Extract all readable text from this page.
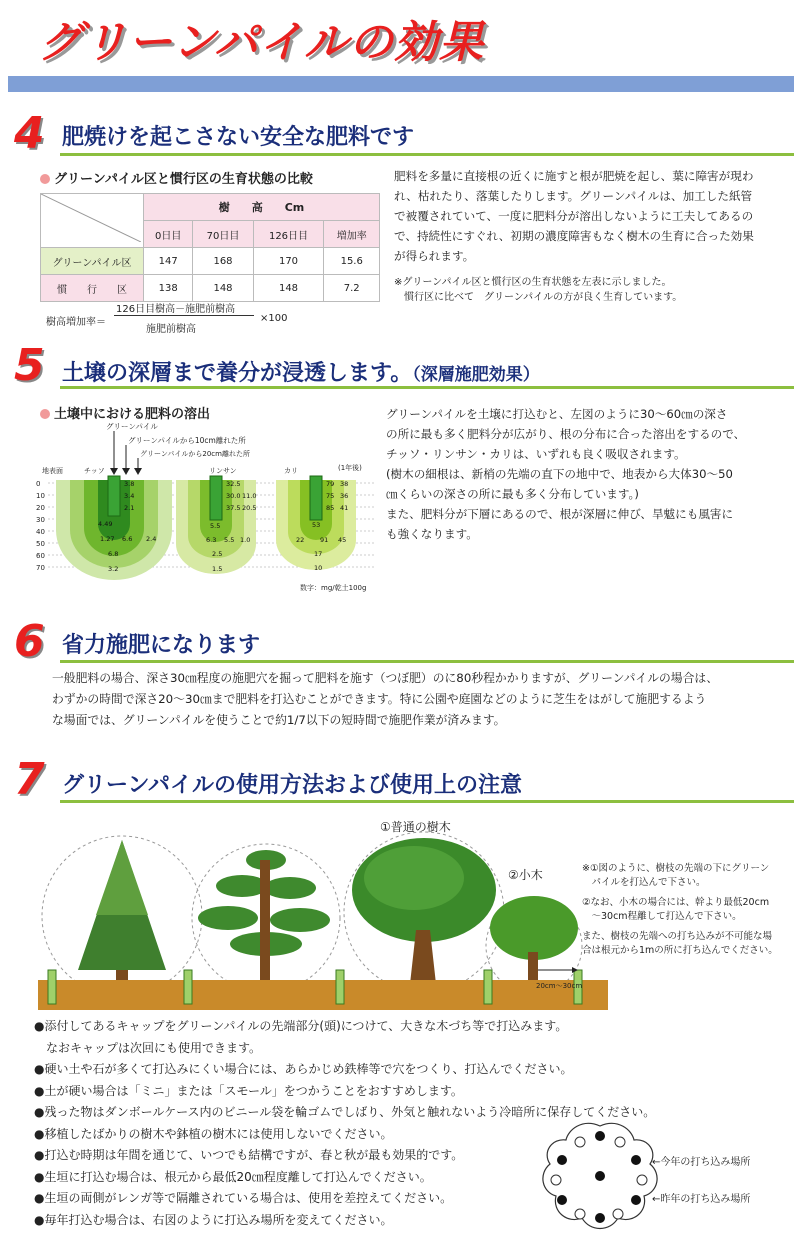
グリーンパイルの効果
4 肥焼けを起こさない安全な肥料です
グリーンパイル区と慣行区の生育状態の比較
	樹　　高　　Cm			
	0日目	70日目	126日目	増加率
グリーンパイル区	147	168	170	15.6
慣　　行　　区	138	148	148	7.2
樹高増加率＝
126日目樹高－施肥前樹高
施肥前樹高
×100
肥料を多量に直接根の近くに施すと根が肥焼を起し、葉に障害が現わ
れ、枯れたり、落葉したりします。グリーンパイルは、加工した紙管
で被覆されていて、一度に肥料分が溶出しないように工夫してあるの
で、持続性にすぐれ、初期の濃度障害もなく樹木の生育に合った効果
が得られます。
※グリーンパイル区と慣行区の生育状態を左表に示しました。
　慣行区に比べて　グリーンパイルの方が良く生育しています。
5 土壌の深層まで養分が浸透します。（深層施肥効果）
土壌中における肥料の溶出
グリーンパイル
グリーンパイルから10cm離れた所
グリーンパイルから20cm離れた所
地表面	チッソ	リンサン	カリ	(1年後)
0
10
20
30
40
50
60
70
3.8
3.4
2.1
4.49
1.27 6.6
6.8
2.4
3.2
32.5
30.0 11.0
37.5 20.5
5.5
6.3 5.5 1.0
2.5
1.5
79 38
75 36
85 41
53
22 91 45
17
10
数字：mg/乾土100g
グリーンパイルを土壌に打込むと、左図のように30～60㎝の深さ
の所に最も多く肥料分が広がり、根の分布に合った溶出をするので、
チッソ・リンサン・カリは、いずれも良く吸収されます。
(樹木の細根は、新梢の先端の直下の地中で、地表から大体30～50
㎝くらいの深さの所に最も多く分布しています。)
また、肥料分が下層にあるので、根が深層に伸び、旱魃にも風害に
も強くなります。
6 省力施肥になります
一般肥料の場合、深さ30㎝程度の施肥穴を掘って肥料を施す（つぼ肥）のに80秒程かかりますが、グリーンパイルの場合は、
わずかの時間で深さ20～30㎝まで肥料を打込むことができます。特に公園や庭園などのように芝生をはがして施肥するよう
な場面では、グリーンパイルを使うことで約1/7以下の短時間で施肥作業が済みます。
7 グリーンパイルの使用方法および使用上の注意
①普通の樹木
②小木
20cm～30cm
※①図のように、樹枝の先端の下にグリーン
　パイルを打込んで下さい。
②なお、小木の場合には、幹より最低20cm
　～30cm程離して打込んで下さい。
また、樹枝の先端への打ち込みが不可能な場
合は根元から1mの所に打ち込んでください。
●添付してあるキャップをグリーンパイルの先端部分(頭)につけて、大きな木づち等で打込みます。
　なおキャップは次回にも使用できます。
●硬い土や石が多くて打込みにくい場合には、あらかじめ鉄棒等で穴をつくり、打込んでください。
●土が硬い場合は「ミニ」または「スモール」をつかうことをおすすめします。
●残った物はダンボールケース内のビニール袋を輪ゴムでしばり、外気と触れないよう冷暗所に保存してください。
●移植したばかりの樹木や鉢植の樹木には使用しないでください。
●打込む時期は年間を通じて、いつでも結構ですが、春と秋が最も効果的です。
●生垣に打込む場合は、根元から最低20㎝程度離して打込んでください。
●生垣の両側がレンガ等で隔離されている場合は、使用を差控えてください。
●毎年打込む場合は、右図のように打込み場所を変えてください。
←今年の打ち込み場所
←昨年の打ち込み場所
